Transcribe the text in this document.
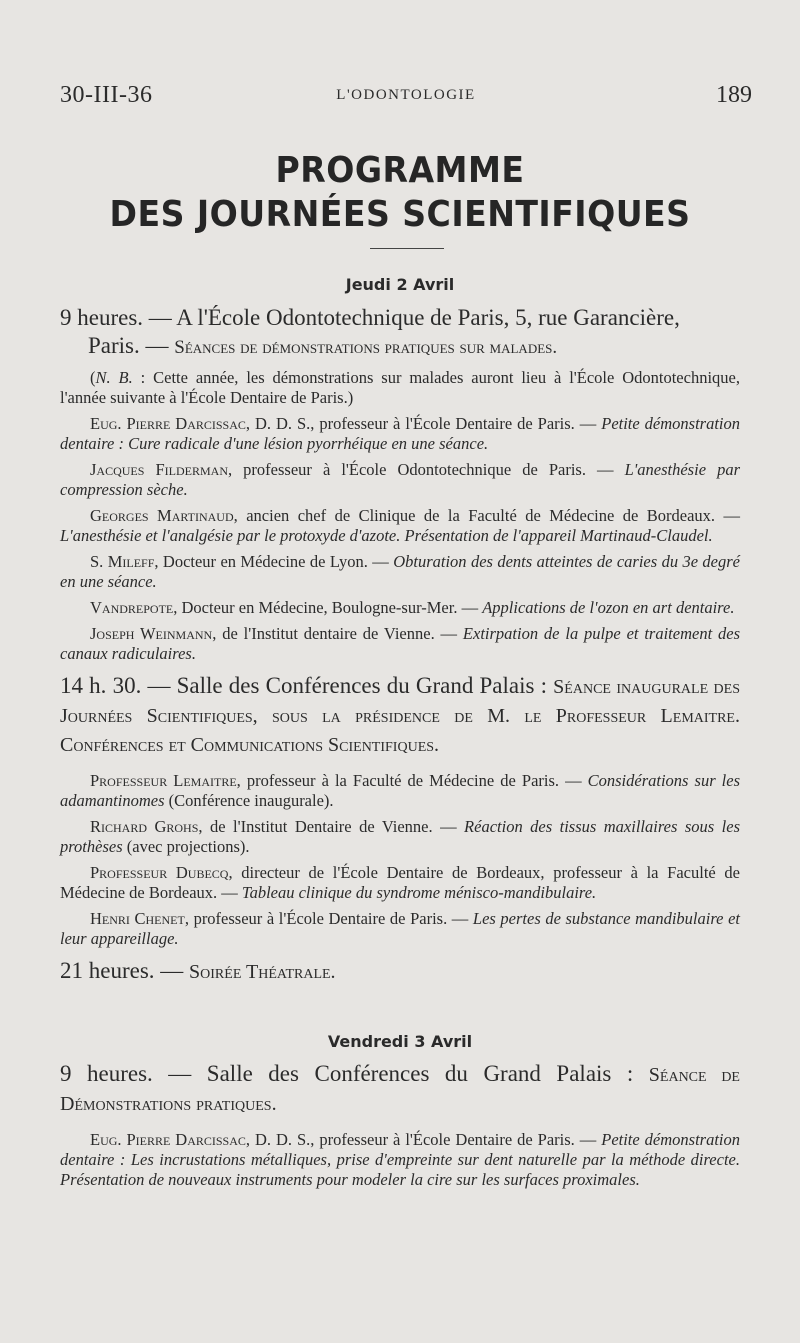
30-III-36	L'ODONTOLOGIE	189
PROGRAMME
DES JOURNÉES SCIENTIFIQUES
Jeudi 2 Avril

9 heures. — A l'École Odontotechnique de Paris, 5, rue Garancière,
Paris. — Séances de démonstrations pratiques sur malades.

(N. B. : Cette année, les démonstrations sur malades auront lieu à l'École Odontotechnique, l'année suivante à l'École Dentaire de Paris.)

Eug. Pierre Darcissac, D. D. S., professeur à l'École Dentaire de Paris. — Petite démonstration dentaire : Cure radicale d'une lésion pyorrhéique en une séance.

Jacques Filderman, professeur à l'École Odontotechnique de Paris. — L'anesthésie par compression sèche.

Georges Martinaud, ancien chef de Clinique de la Faculté de Médecine de Bordeaux. — L'anesthésie et l'analgésie par le protoxyde d'azote. Présentation de l'appareil Martinaud-Claudel.

S. Mileff, Docteur en Médecine de Lyon. — Obturation des dents atteintes de caries du 3e degré en une séance.

Vandrepote, Docteur en Médecine, Boulogne-sur-Mer. — Applications de l'ozon en art dentaire.

Joseph Weinmann, de l'Institut dentaire de Vienne. — Extirpation de la pulpe et traitement des canaux radiculaires.

14 h. 30. — Salle des Conférences du Grand Palais : Séance inaugurale des Journées Scientifiques, sous la présidence de M. le Professeur Lemaitre. Conférences et Communications Scientifiques.

Professeur Lemaitre, professeur à la Faculté de Médecine de Paris. — Considérations sur les adamantinomes (Conférence inaugurale).

Richard Grohs, de l'Institut Dentaire de Vienne. — Réaction des tissus maxillaires sous les prothèses (avec projections).

Professeur Dubecq, directeur de l'École Dentaire de Bordeaux, professeur à la Faculté de Médecine de Bordeaux. — Tableau clinique du syndrome ménisco-mandibulaire.

Henri Chenet, professeur à l'École Dentaire de Paris. — Les pertes de substance mandibulaire et leur appareillage.

21 heures. — Soirée Théatrale.

Vendredi 3 Avril

9 heures. — Salle des Conférences du Grand Palais : Séance de Démonstrations pratiques.

Eug. Pierre Darcissac, D. D. S., professeur à l'École Dentaire de Paris. — Petite démonstration dentaire : Les incrustations métalliques, prise d'empreinte sur dent naturelle par la méthode directe. Présentation de nouveaux instruments pour modeler la cire sur les surfaces proximales.
